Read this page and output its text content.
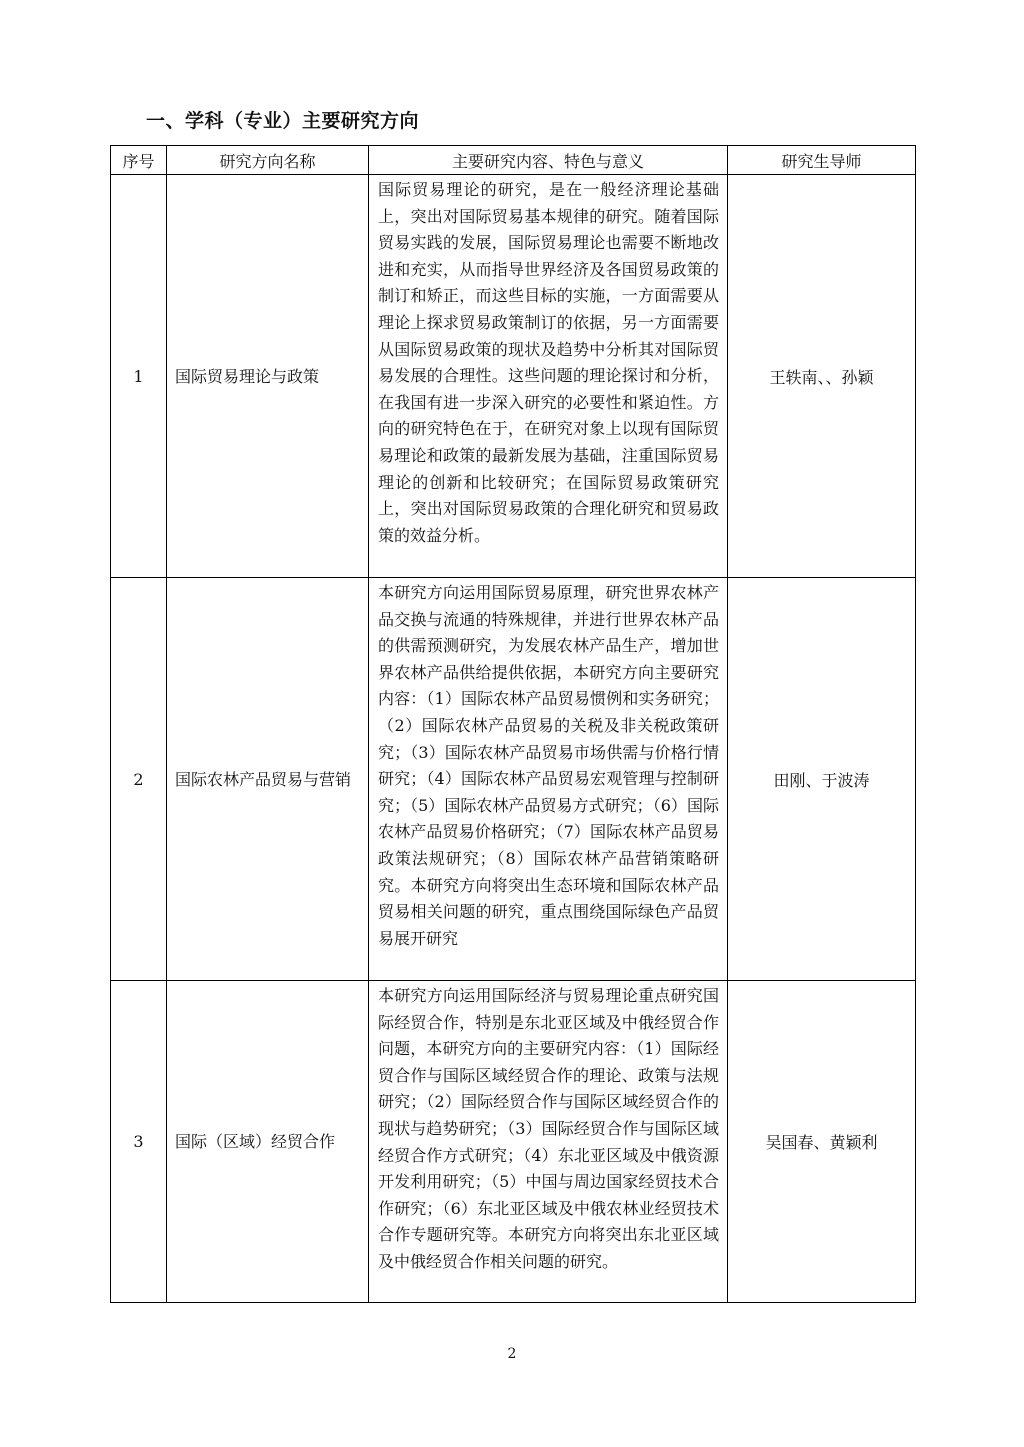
一、学科（专业）主要研究方向
序号	研究方向名称	主要研究内容、特色与意义	研究生导师
1	国际贸易理论与政策	国际贸易理论的研究，是在一般经济理论基础上，突出对国际贸易基本规律的研究。随着国际贸易实践的发展，国际贸易理论也需要不断地改进和充实，从而指导世界经济及各国贸易政策的制订和矫正，而这些目标的实施，一方面需要从理论上探求贸易政策制订的依据，另一方面需要从国际贸易政策的现状及趋势中分析其对国际贸易发展的合理性。这些问题的理论探讨和分析，在我国有进一步深入研究的必要性和紧迫性。方向的研究特色在于，在研究对象上以现有国际贸易理论和政策的最新发展为基础，注重国际贸易理论的创新和比较研究；在国际贸易政策研究上，突出对国际贸易政策的合理化研究和贸易政策的效益分析。	王轶南、、孙颖
2	国际农林产品贸易与营销	本研究方向运用国际贸易原理，研究世界农林产品交换与流通的特殊规律，并进行世界农林产品的供需预测研究，为发展农林产品生产，增加世界农林产品供给提供依据，本研究方向主要研究内容：（1）国际农林产品贸易惯例和实务研究；（2）国际农林产品贸易的关税及非关税政策研究；（3）国际农林产品贸易市场供需与价格行情研究；（4）国际农林产品贸易宏观管理与控制研究；（5）国际农林产品贸易方式研究；（6）国际农林产品贸易价格研究；（7）国际农林产品贸易政策法规研究；（8）国际农林产品营销策略研究。本研究方向将突出生态环境和国际农林产品贸易相关问题的研究，重点围绕国际绿色产品贸易展开研究	田刚、于波涛
3	国际（区域）经贸合作	本研究方向运用国际经济与贸易理论重点研究国际经贸合作，特别是东北亚区域及中俄经贸合作问题，本研究方向的主要研究内容：（1）国际经贸合作与国际区域经贸合作的理论、政策与法规研究；（2）国际经贸合作与国际区域经贸合作的现状与趋势研究；（3）国际经贸合作与国际区域经贸合作方式研究；（4）东北亚区域及中俄资源开发利用研究；（5）中国与周边国家经贸技术合作研究；（6）东北亚区域及中俄农林业经贸技术合作专题研究等。本研究方向将突出东北亚区域及中俄经贸合作相关问题的研究。	吴国春、黄颖利
2
